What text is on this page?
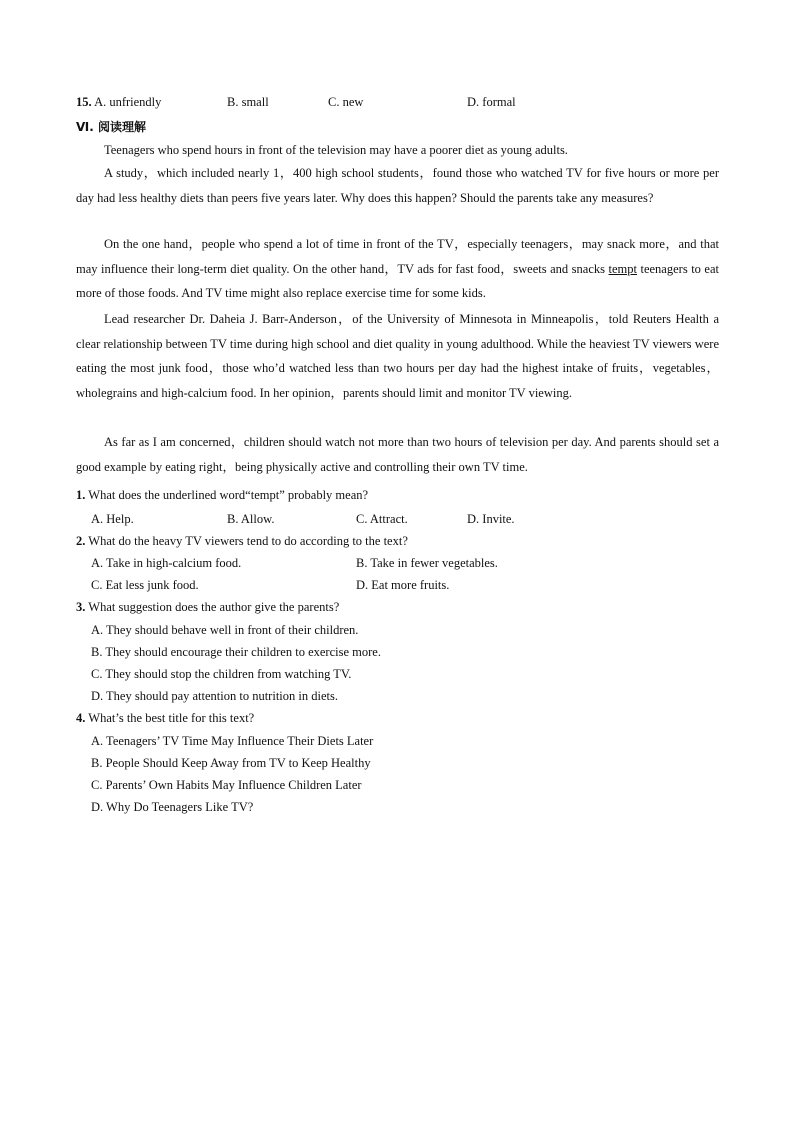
15. A. unfriendly	B. small	C. new	D. formal
Ⅵ. 阅读理解
Teenagers who spend hours in front of the television may have a poorer diet as young adults.
A study，which included nearly 1，400 high school students，found those who watched TV for five hours or more per day had less healthy diets than peers five years later. Why does this happen? Should the parents take any measures?
On the one hand，people who spend a lot of time in front of the TV，especially teenagers，may snack more，and that may influence their long-term diet quality. On the other hand，TV ads for fast food，sweets and snacks tempt teenagers to eat more of those foods. And TV time might also replace exercise time for some kids.
Lead researcher Dr. Daheia J. Barr-Anderson，of the University of Minnesota in Minneapolis，told Reuters Health a clear relationship between TV time during high school and diet quality in young adulthood. While the heaviest TV viewers were eating the most junk food，those who’d watched less than two hours per day had the highest intake of fruits，vegetables，wholegrains and high-calcium food. In her opinion，parents should limit and monitor TV viewing.
As far as I am concerned，children should watch not more than two hours of television per day. And parents should set a good example by eating right，being physically active and controlling their own TV time.
1. What does the underlined word“tempt” probably mean?
A. Help.	B. Allow.	C. Attract.	D. Invite.
2. What do the heavy TV viewers tend to do according to the text?
A. Take in high-calcium food.	B. Take in fewer vegetables.
C. Eat less junk food.	D. Eat more fruits.
3. What suggestion does the author give the parents?
A. They should behave well in front of their children.
B. They should encourage their children to exercise more.
C. They should stop the children from watching TV.
D. They should pay attention to nutrition in diets.
4. What’s the best title for this text?
A. Teenagers’ TV Time May Influence Their Diets Later
B. People Should Keep Away from TV to Keep Healthy
C. Parents’ Own Habits May Influence Children Later
D. Why Do Teenagers Like TV?
